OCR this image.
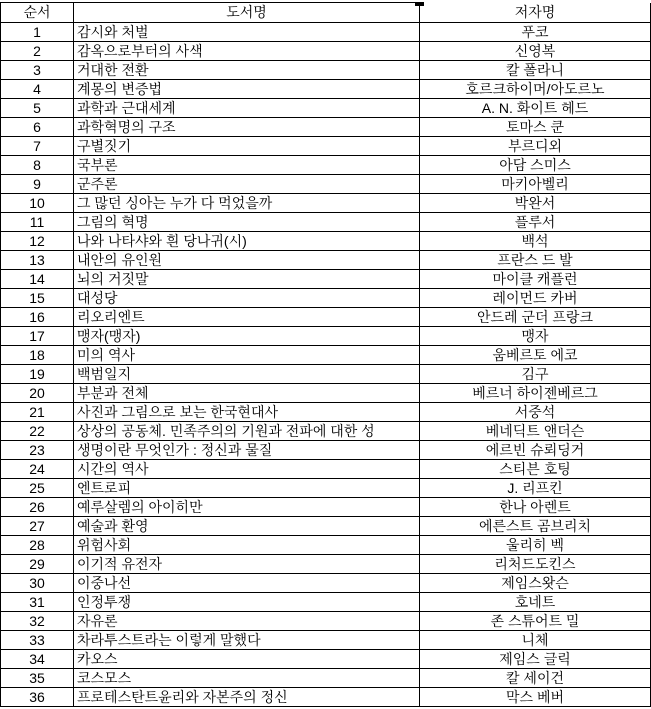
순서	도서명	저자명
1	감시와 처벌	푸코
2	감옥으로부터의 사색	신영복
3	거대한 전환	칼 폴라니
4	계몽의 변증법	호르크하이머/아도르노
5	과학과 근대세계	A. N. 화이트 헤드
6	과학혁명의 구조	토마스 쿤
7	구별짓기	부르디외
8	국부론	아담 스미스
9	군주론	마키아벨리
10	그 많던 싱아는 누가 다 먹었을까	박완서
11	그림의 혁명	플루서
12	나와 나타샤와 흰 당나귀(시)	백석
13	내안의 유인원	프란스 드 발
14	뇌의 거짓말	마이클 캐플런
15	대성당	레이먼드 카버
16	리오리엔트	안드레 군더 프랑크
17	맹자(맹자)	맹자
18	미의 역사	움베르토 에코
19	백범일지	김구
20	부분과 전체	베르너 하이젠베르그
21	사진과 그림으로 보는 한국현대사	서중석
22	상상의 공동체. 민족주의의 기원과 전파에 대한 성	베네딕트 앤더슨
23	생명이란 무엇인가 : 정신과 물질	에르빈 슈뢰딩거
24	시간의 역사	스티븐 호팅
25	엔트로피	J. 리프킨
26	예루살렘의 아이히만	한나 아렌트
27	예술과 환영	에른스트 곰브리치
28	위험사회	울리히 벡
29	이기적 유전자	리처드도킨스
30	이중나선	제임스왓슨
31	인정투쟁	호네트
32	자유론	존 스튜어트 밀
33	차라투스트라는 이렇게 말했다	니체
34	카오스	제임스 글릭
35	코스모스	칼 세이건
36	프로테스탄트윤리와 자본주의 정신	막스 베버
